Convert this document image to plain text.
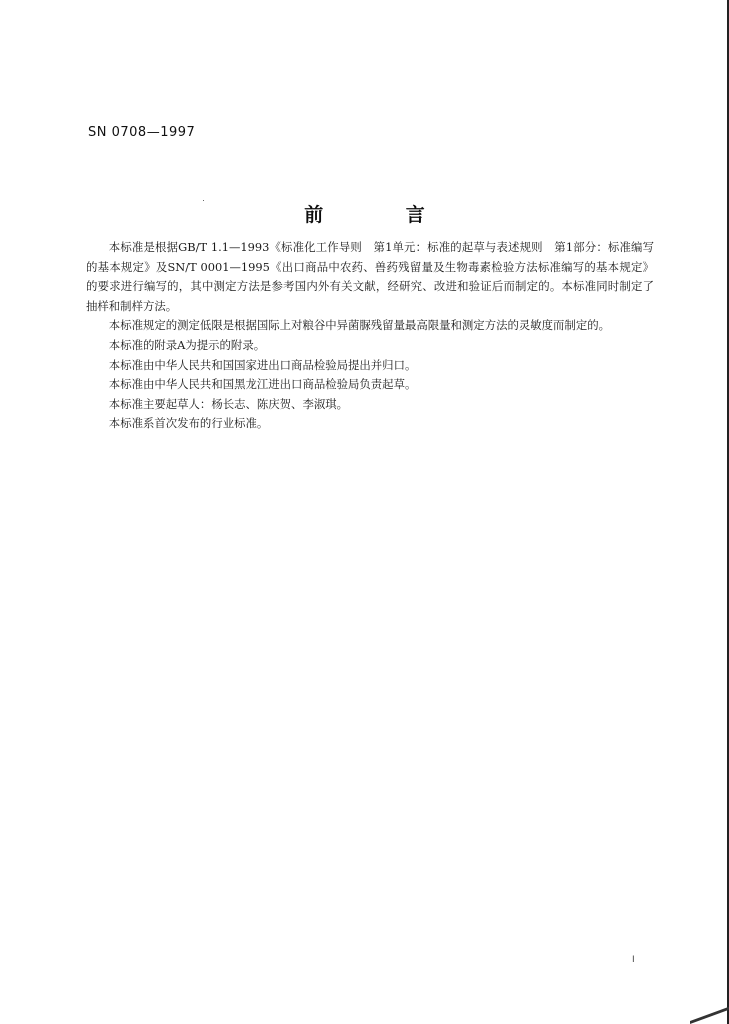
SN 0708—1997
前 言

本标准是根据GB/T 1.1—1993《标准化工作导则　第1单元：标准的起草与表述规则　第1部分：标准编写的基本规定》及SN/T 0001—1995《出口商品中农药、兽药残留量及生物毒素检验方法标准编写的基本规定》的要求进行编写的，其中测定方法是参考国内外有关文献，经研究、改进和验证后而制定的。本标准同时制定了抽样和制样方法。

本标准规定的测定低限是根据国际上对粮谷中异菌脲残留量最高限量和测定方法的灵敏度而制定的。

本标准的附录A为提示的附录。

本标准由中华人民共和国国家进出口商品检验局提出并归口。

本标准由中华人民共和国黑龙江进出口商品检验局负责起草。

本标准主要起草人：杨长志、陈庆贺、李淑琪。

本标准系首次发布的行业标准。

I
